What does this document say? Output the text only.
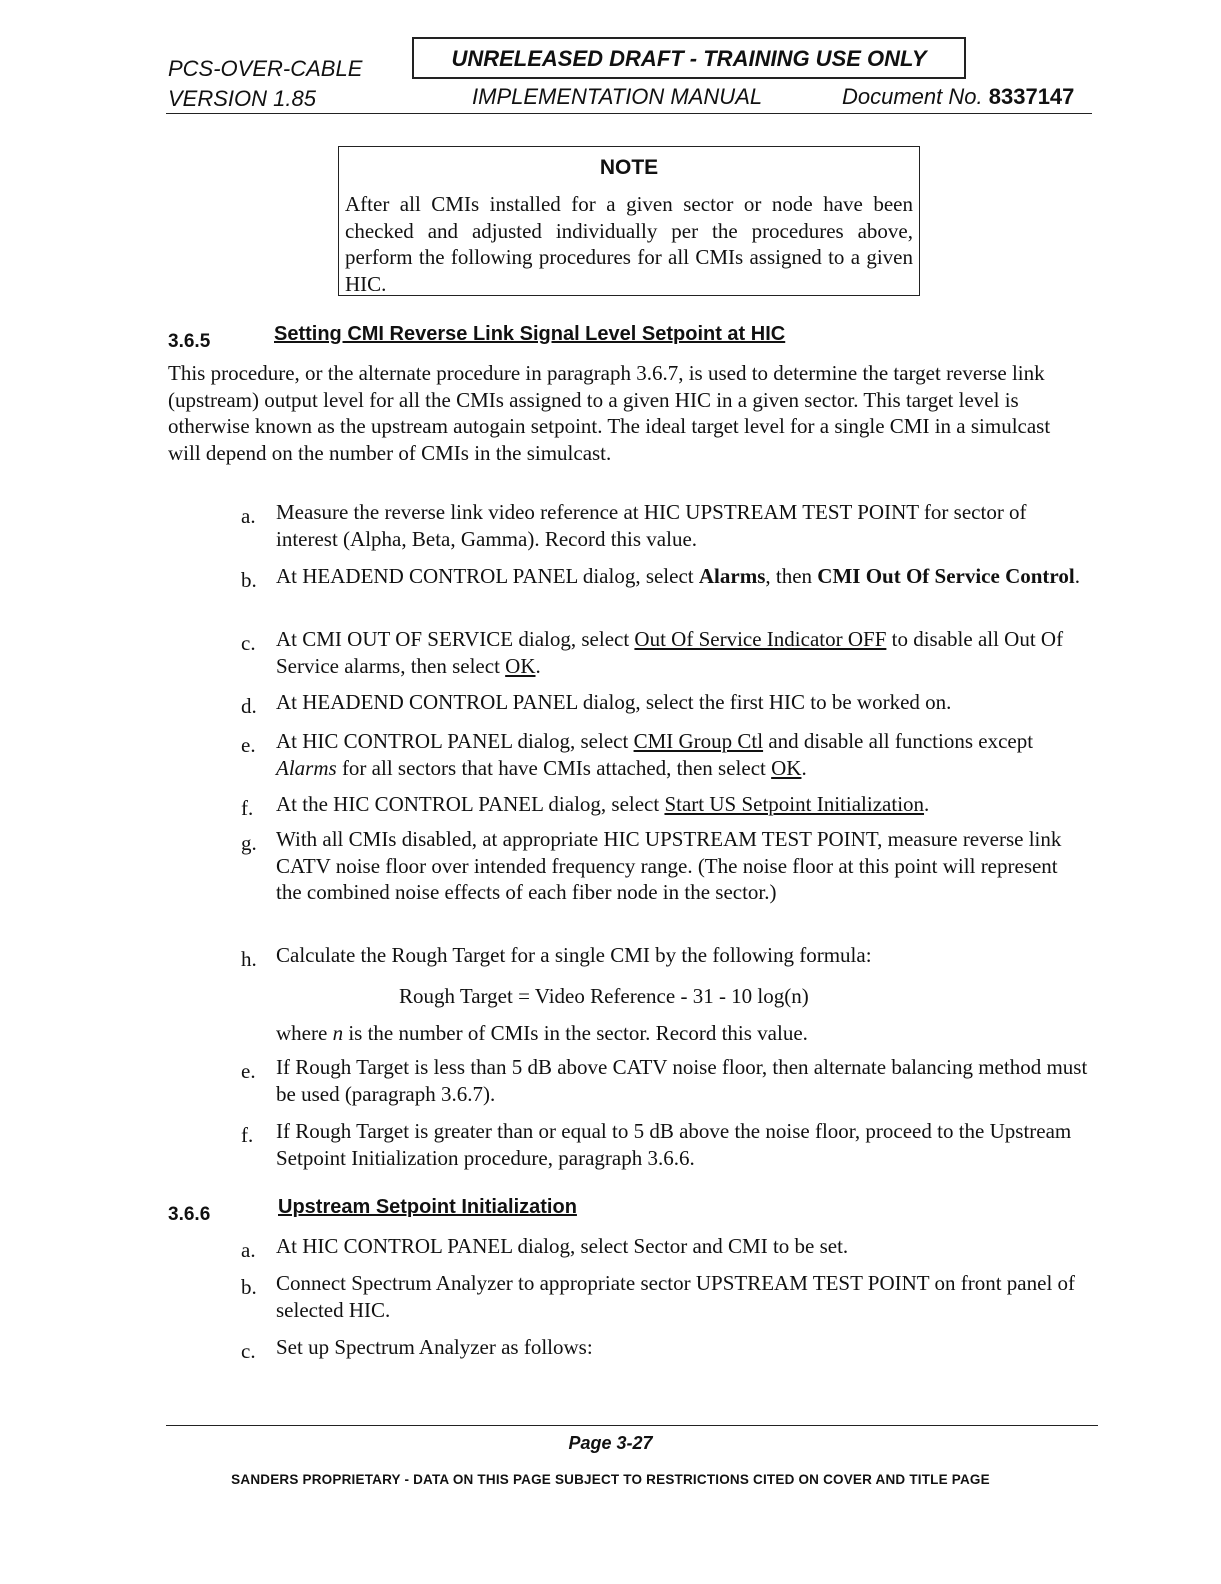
PCS-OVER-CABLE
VERSION 1.85
UNRELEASED DRAFT - TRAINING USE ONLY
IMPLEMENTATION MANUAL	Document No. 8337147
NOTE
After all CMIs installed for a given sector or node have been checked and adjusted individually per the procedures above, perform the following procedures for all CMIs assigned to a given HIC.
3.6.5	Setting CMI Reverse Link Signal Level Setpoint at HIC
This procedure, or the alternate procedure in paragraph 3.6.7, is used to determine the target reverse link (upstream) output level for all the CMIs assigned to a given HIC in a given sector. This target level is otherwise known as the upstream autogain setpoint. The ideal target level for a single CMI in a simulcast will depend on the number of CMIs in the simulcast.
a. Measure the reverse link video reference at HIC UPSTREAM TEST POINT for sector of interest (Alpha, Beta, Gamma). Record this value.
b. At HEADEND CONTROL PANEL dialog, select Alarms, then CMI Out Of Service Control.
c. At CMI OUT OF SERVICE dialog, select Out Of Service Indicator OFF to disable all Out Of Service alarms, then select OK.
d. At HEADEND CONTROL PANEL dialog, select the first HIC to be worked on.
e. At HIC CONTROL PANEL dialog, select CMI Group Ctl and disable all functions except Alarms for all sectors that have CMIs attached, then select OK.
f. At the HIC CONTROL PANEL dialog, select Start US Setpoint Initialization.
g. With all CMIs disabled, at appropriate HIC UPSTREAM TEST POINT, measure reverse link CATV noise floor over intended frequency range. (The noise floor at this point will represent the combined noise effects of each fiber node in the sector.)
h. Calculate the Rough Target for a single CMI by the following formula:
Rough Target = Video Reference - 31 - 10 log(n)
where n is the number of CMIs in the sector. Record this value.
e. If Rough Target is less than 5 dB above CATV noise floor, then alternate balancing method must be used (paragraph 3.6.7).
f. If Rough Target is greater than or equal to 5 dB above the noise floor, proceed to the Upstream Setpoint Initialization procedure, paragraph 3.6.6.
3.6.6	Upstream Setpoint Initialization
a. At HIC CONTROL PANEL dialog, select Sector and CMI to be set.
b. Connect Spectrum Analyzer to appropriate sector UPSTREAM TEST POINT on front panel of selected HIC.
c. Set up Spectrum Analyzer as follows:
Page 3-27
SANDERS PROPRIETARY - DATA ON THIS PAGE SUBJECT TO RESTRICTIONS CITED ON COVER AND TITLE PAGE
